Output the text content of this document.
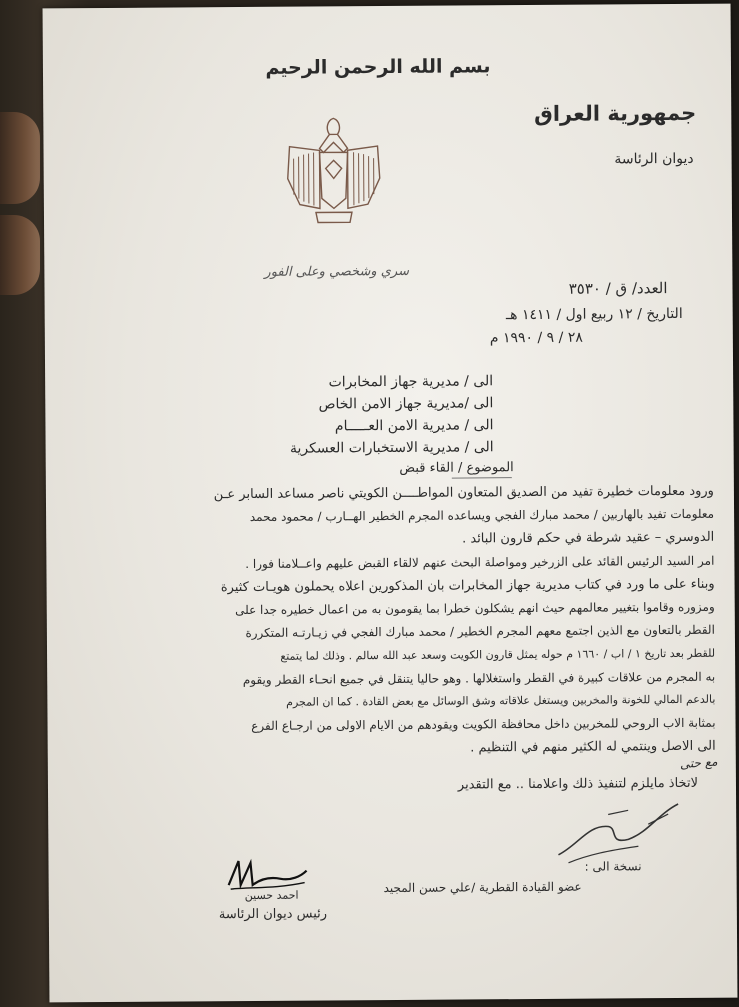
بسم الله الرحمن الرحيم
جمهورية العراق
ديوان الرئاسة
سري وشخصي وعلى الفور
العدد/ ق / ٣٥٣٠
التاريخ / ١٢ ربيع اول / ١٤١١ هـ
٢٨ / ٩ / ١٩٩٠ م
الى / مديرية جهاز المخابرات
الى /مديرية جهاز الامن الخاص
الى / مديرية الامن العـــــام
الى / مديرية الاستخبارات العسكرية
الموضوع / القاء قبض
ورود معلومات خطيرة تفيد من الصديق المتعاون المواطــــن الكويتي ناصر مساعد السابر عـن
معلومات تفيد بالهاربين / محمد مبارك الفجي ويساعده المجرم الخطير الهــارب / محمود محمد
الدوسري – عقيد شرطة في حكم قارون البائد .
امر السيد الرئيس القائد على الزرخير ومواصلة البحث عنهم لالقاء القبض عليهم واعــلامنا فورا .
وبناء على ما ورد في كتاب مديرية جهاز المخابرات بان المذكورين اعلاه يحملون هويـات كثيرة
ومزوره وقاموا بتغيير معالمهم حيث انهم يشكلون خطرا بما يقومون به من اعمال خطيره جدا على
القطر بالتعاون مع الذين اجتمع معهم المجرم الخطير / محمد مبارك الفجي في زيـارتـه المتكررة
للقطر بعد تاريخ ١ / اب / ١٦٦٠ م حوله يمثل قارون الكويت وسعد عبد الله سالم . وذلك لما يتمتع
به المجرم من علاقات كبيرة في القطر واستغلالها . وهو حاليا يتنقل في جميع انحـاء القطر ويقوم
بالدعم المالي للخونة والمخربين ويستغل علاقاته وشق الوسائل مع بعض القادة . كما ان المجرم
بمثابة الاب الروحي للمخربين داخل محافظة الكويت ويقودهم من الايام الاولى من ارجـاع الفرع
الى الاصل وينتمي له الكثير منهم في التنظيم .
مع حتى
لاتخاذ مايلزم لتنفيذ ذلك واعلامنا .. مع التقدير
نسخة الى :
عضو القيادة القطرية /علي حسن المجيد
احمد حسين
رئيس ديوان الرئاسة
